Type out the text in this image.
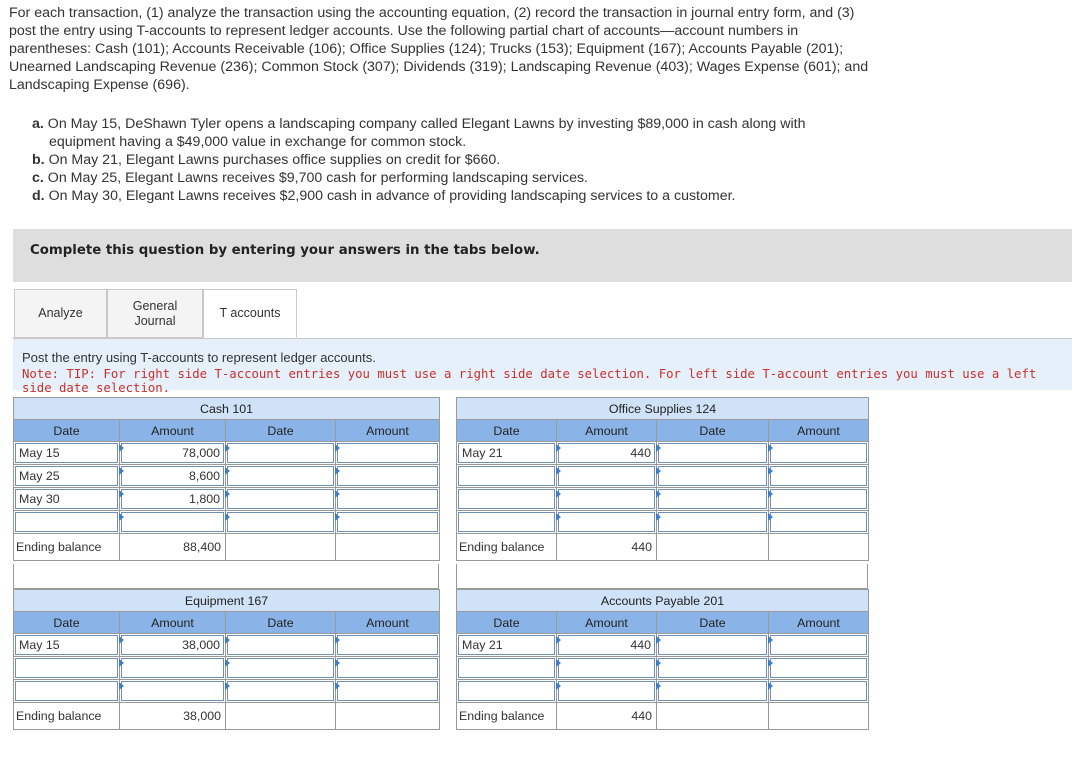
For each transaction, (1) analyze the transaction using the accounting equation, (2) record the transaction in journal entry form, and (3)

post the entry using T-accounts to represent ledger accounts. Use the following partial chart of accounts—account numbers in

parentheses: Cash (101); Accounts Receivable (106); Office Supplies (124); Trucks (153); Equipment (167); Accounts Payable (201);

Unearned Landscaping Revenue (236); Common Stock (307); Dividends (319); Landscaping Revenue (403); Wages Expense (601); and

Landscaping Expense (696).

a. On May 15, DeShawn Tyler opens a landscaping company called Elegant Lawns by investing $89,000 in cash along with
equipment having a $49,000 value in exchange for common stock.

b. On May 21, Elegant Lawns purchases office supplies on credit for $660.

c. On May 25, Elegant Lawns receives $9,700 cash for performing landscaping services.

d. On May 30, Elegant Lawns receives $2,900 cash in advance of providing landscaping services to a customer.

Complete this question by entering your answers in the tabs below.
Analyze
General
Journal
T accounts
Post the entry using T-accounts to represent ledger accounts.
Note: TIP: For right side T-account entries you must use a right side date selection. For left side T-account entries you must use a left side date selection.
Cash 101			
Date	Amount	Date	Amount

May 15	78,000		

May 25	8,600		

May 30	1,800		

Ending balance	88,400		
Office Supplies 124			
Date	Amount	Date	Amount

May 21	440		

Ending balance	440		
Equipment 167			
Date	Amount	Date	Amount

May 15	38,000		

Ending balance	38,000		
Accounts Payable 201			
Date	Amount	Date	Amount

May 21	440		

Ending balance	440		
